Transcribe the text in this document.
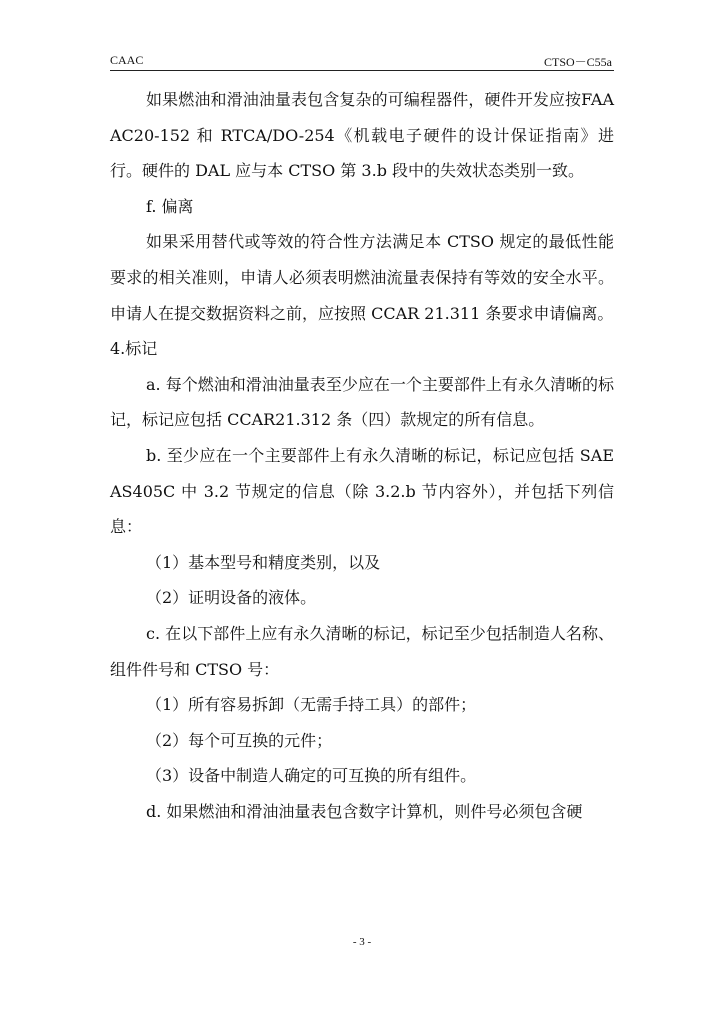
CAAC	CTSO－C55a

如果燃油和滑油油量表包含复杂的可编程器件，硬件开发应按FAA AC20-152 和 RTCA/DO-254《机载电子硬件的设计保证指南》进行。硬件的 DAL 应与本 CTSO 第 3.b 段中的失效状态类别一致。

f. 偏离

如果采用替代或等效的符合性方法满足本 CTSO 规定的最低性能要求的相关准则，申请人必须表明燃油流量表保持有等效的安全水平。申请人在提交数据资料之前，应按照 CCAR 21.311 条要求申请偏离。

4.标记

a. 每个燃油和滑油油量表至少应在一个主要部件上有永久清晰的标记，标记应包括 CCAR21.312 条（四）款规定的所有信息。

b. 至少应在一个主要部件上有永久清晰的标记，标记应包括 SAE AS405C 中 3.2 节规定的信息（除 3.2.b 节内容外），并包括下列信息：

（1）基本型号和精度类别，以及

（2）证明设备的液体。

c. 在以下部件上应有永久清晰的标记，标记至少包括制造人名称、组件件号和 CTSO 号：

（1）所有容易拆卸（无需手持工具）的部件；

（2）每个可互换的元件；

（3）设备中制造人确定的可互换的所有组件。

d. 如果燃油和滑油油量表包含数字计算机，则件号必须包含硬

- 3 -
